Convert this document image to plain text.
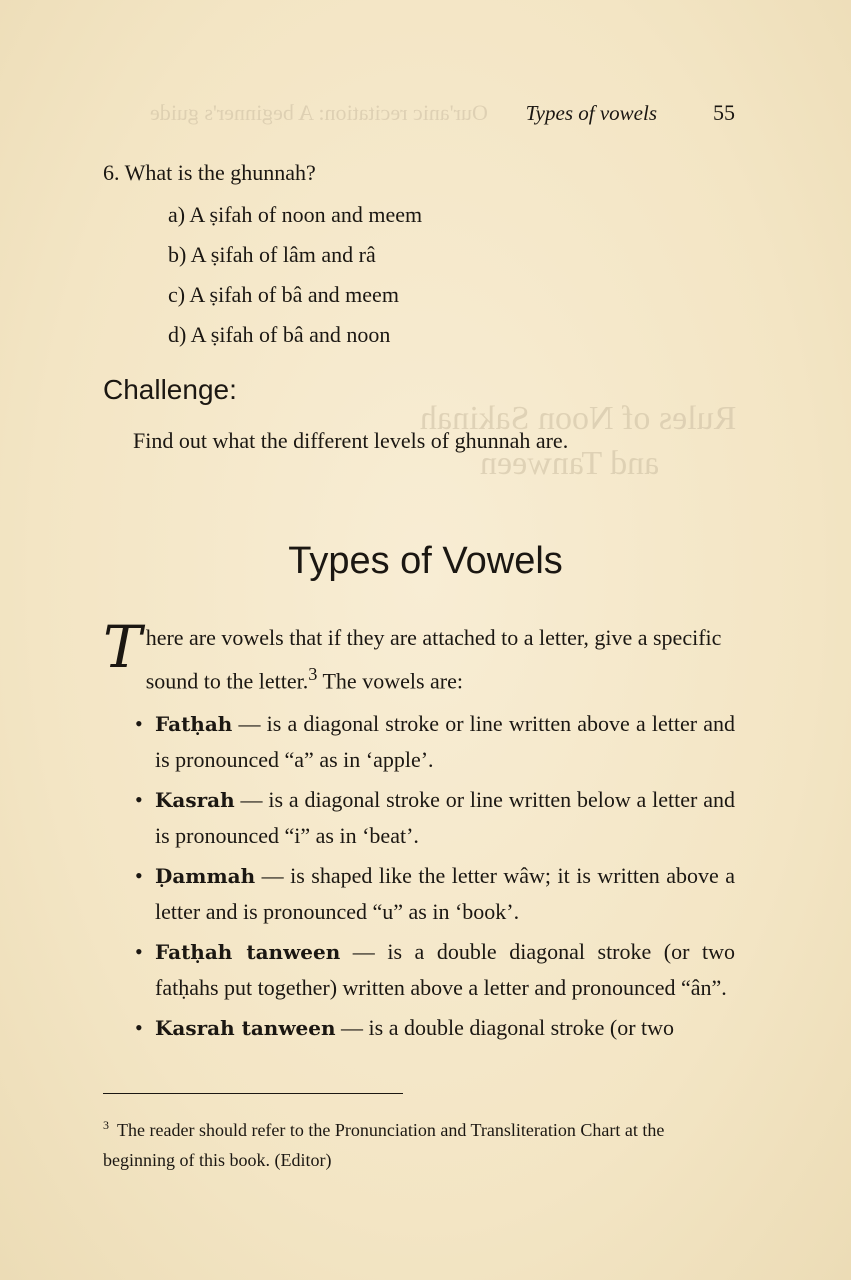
Our'anic recitation: A beginner's guide
Rules of Noon Sakinah
and Tanween
Types of vowels	55
6. What is the ghunnah?
a) A ṣifah of noon and meem
b) A ṣifah of lâm and râ
c) A ṣifah of bâ and meem
d) A ṣifah of bâ and noon
Challenge:
Find out what the different levels of ghunnah are.
Types of Vowels
There are vowels that if they are attached to a letter, give a specific sound to the letter.$^3$ The vowels are:
• Fatḥah — is a diagonal stroke or line written above a letter and is pronounced “a” as in ‘apple’.
• Kasrah — is a diagonal stroke or line written below a letter and is pronounced “i” as in ‘beat’.
• Ḍammah — is shaped like the letter wâw; it is written above a letter and is pronounced “u” as in ‘book’.
• Fatḥah tanween — is a double diagonal stroke (or two fatḥahs put together) written above a letter and pronounced “ân”.
• Kasrah tanween — is a double diagonal stroke (or two
$^3$ The reader should refer to the Pronunciation and Transliteration Chart at the beginning of this book. (Editor)
